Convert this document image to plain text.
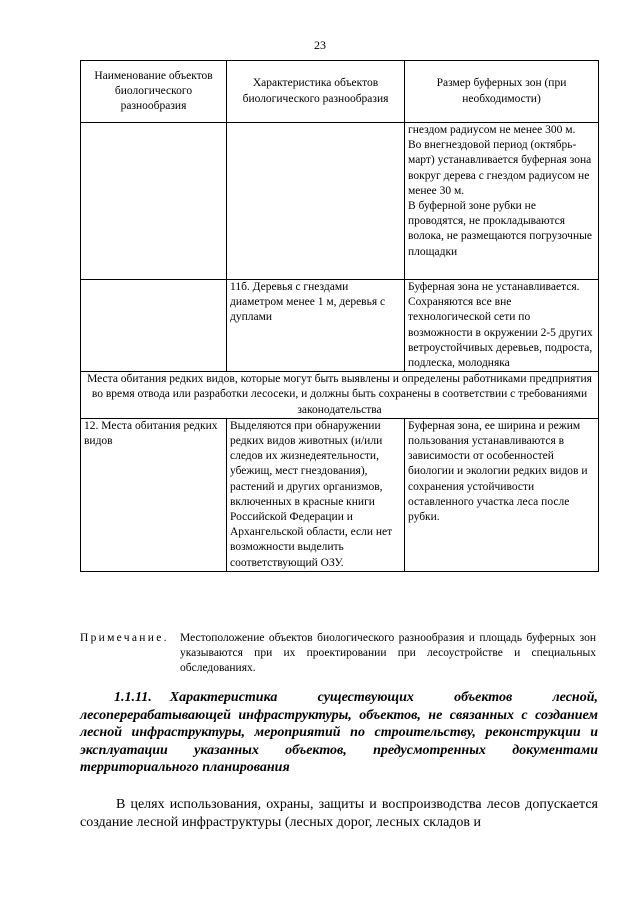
23
Наименование объектов биологического разнообразия	Характеристика объектов биологического разнообразия	Размер буферных зон (при необходимости)
		гнездом радиусом не менее 300 м.
Во внегнездовой период (октябрь-март) устанавливается буферная зона вокруг дерева с гнездом радиусом не менее 30 м.
В буферной зоне рубки не проводятся, не прокладываются волока, не размещаются погрузочные площадки
	11б. Деревья с гнездами диаметром менее 1 м, деревья с дуплами	Буферная зона не устанавливается.
Сохраняются все вне технологической сети по возможности в окружении 2-5 других ветроустойчивых деревьев, подроста, подлеска, молодняка
Места обитания редких видов, которые могут быть выявлены и определены работниками предприятия
во время отвода или разработки лесосеки, и должны быть сохранены в соответствии с требованиями законодательства		
12. Места обитания редких видов	Выделяются при обнаружении редких видов животных (и/или следов их жизнедеятельности, убежищ, мест гнездования), растений и других организмов, включенных в красные книги Российской Федерации и Архангельской области, если нет возможности выделить соответствующий ОЗУ.	Буферная зона, ее ширина и режим пользования устанавливаются в зависимости от особенностей биологии и экологии редких видов и сохранения устойчивости оставленного участка леса после рубки.
Примечание. Местоположение объектов биологического разнообразия и площадь буферных зон указываются при их проектировании при лесоустройстве и специальных обследованиях.
1.1.11. Характеристика существующих объектов лесной, лесоперерабатывающей инфраструктуры, объектов, не связанных с созданием лесной инфраструктуры, мероприятий по строительству, реконструкции и эксплуатации указанных объектов, предусмотренных документами территориального планирования
В целях использования, охраны, защиты и воспроизводства лесов допускается создание лесной инфраструктуры (лесных дорог, лесных складов и
